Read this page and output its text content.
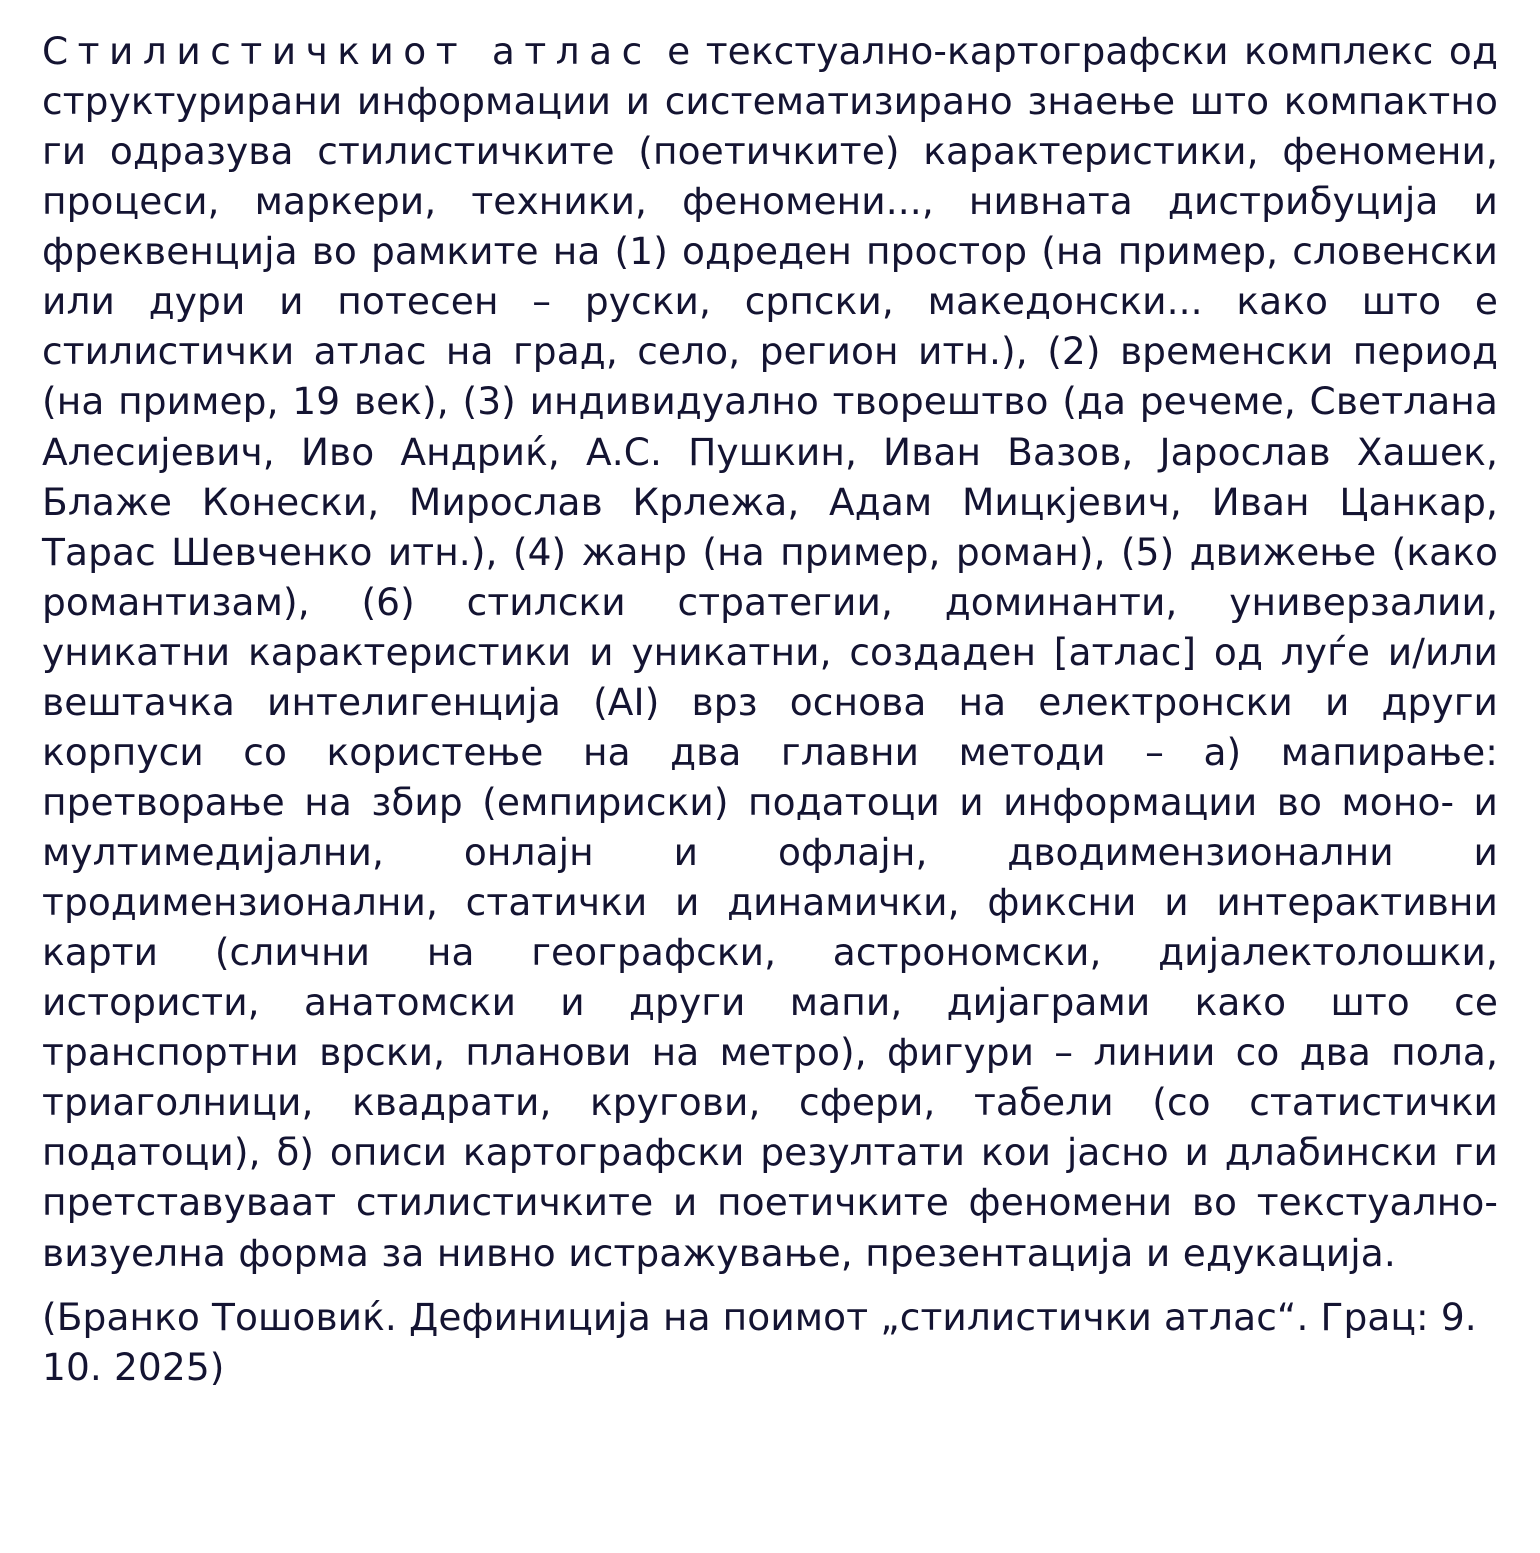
Стилистичкиот атлас е текстуално-картографски комплекс од структурирани информации и систематизирано знаење што компактно ги одразува стилистичките (поетичките) карактеристики, феномени, процеси, маркери, техники, феномени..., нивната дистрибуција и фреквенција во рамките на (1) одреден простор (на пример, словенски или дури и потесен – руски, српски, македонски... како што е стилистички атлас на град, село, регион итн.), (2) временски период (на пример, 19 век), (3) индивидуално творештво (да речеме, Светлана Алесијевич, Иво Андриќ, А.С. Пушкин, Иван Вазов, Јарослав Хашек, Блаже Конески, Мирослав Крлежа, Адам Мицкјевич, Иван Цанкар, Тарас Шевченко итн.), (4) жанр (на пример, роман), (5) движење (како романтизам), (6) стилски стратегии, доминанти, универзалии, уникатни карактеристики и уникатни, создаден [атлас] од луѓе и/или вештачка интелигенција (AI) врз основа на електронски и други корпуси со користење на два главни методи – а) мапирање: претворање на збир (емпириски) податоци и информации во моно- и мултимедијални, онлајн и офлајн, дводимензионални и тродимензионални, статички и динамички, фиксни и интерактивни карти (слични на географски, астрономски, дијалектолошки, истористи, анатомски и други мапи, дијаграми како што се транспортни врски, планови на метро), фигури – линии со два пола, триаголници, квадрати, кругови, сфери, табели (со статистички податоци), б) описи картографски резултати кои јасно и длабински ги претставуваат стилистичките и поетичките феномени во текстуално-визуелна форма за нивно истражување, презентација и едукација.

(Бранко Тошовиќ. Дефиниција на поимот „стилистички атлас“. Грац: 9. 10. 2025)
